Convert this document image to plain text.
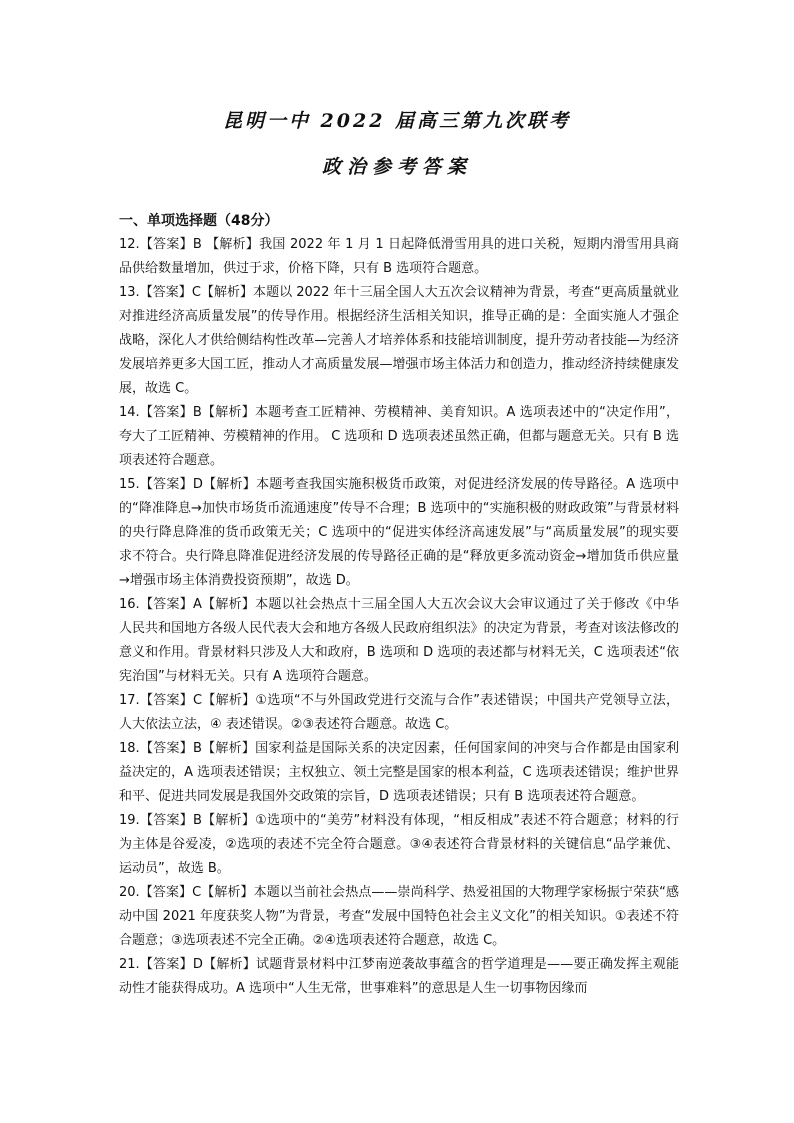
昆明一中 2022 届高三第九次联考
政治参考答案
一、单项选择题（48分）

12.【答案】B 【解析】我国 2022 年 1 月 1 日起降低滑雪用具的进口关税，短期内滑雪用具商品供给数量增加，供过于求，价格下降，只有 B 选项符合题意。

13.【答案】C【解析】本题以 2022 年十三届全国人大五次会议精神为背景，考查“更高质量就业对推进经济高质量发展”的传导作用。根据经济生活相关知识，推导正确的是：全面实施人才强企战略，深化人才供给侧结构性改革—完善人才培养体系和技能培训制度，提升劳动者技能—为经济发展培养更多大国工匠，推动人才高质量发展—增强市场主体活力和创造力，推动经济持续健康发展，故选 C。

14.【答案】B【解析】本题考查工匠精神、劳模精神、美育知识。A 选项表述中的“决定作用”，夸大了工匠精神、劳模精神的作用。 C 选项和 D 选项表述虽然正确，但都与题意无关。只有 B 选项表述符合题意。

15.【答案】D【解析】本题考查我国实施积极货币政策，对促进经济发展的传导路径。A 选项中的“降准降息→加快市场货币流通速度”传导不合理；B 选项中的“实施积极的财政政策”与背景材料的央行降息降准的货币政策无关；C 选项中的“促进实体经济高速发展”与“高质量发展”的现实要求不符合。央行降息降准促进经济发展的传导路径正确的是“释放更多流动资金→增加货币供应量→增强市场主体消费投资预期”，故选 D。

16.【答案】A【解析】本题以社会热点十三届全国人大五次会议大会审议通过了关于修改《中华人民共和国地方各级人民代表大会和地方各级人民政府组织法》的决定为背景，考查对该法修改的意义和作用。背景材料只涉及人大和政府，B 选项和 D 选项的表述都与材料无关，C 选项表述“依宪治国”与材料无关。只有 A 选项符合题意。

17.【答案】C【解析】①选项“不与外国政党进行交流与合作”表述错误；中国共产党领导立法，人大依法立法，④ 表述错误。②③表述符合题意。故选 C。

18.【答案】B【解析】国家利益是国际关系的决定因素，任何国家间的冲突与合作都是由国家利益决定的，A 选项表述错误；主权独立、领土完整是国家的根本利益，C 选项表述错误；维护世界和平、促进共同发展是我国外交政策的宗旨，D 选项表述错误；只有 B 选项表述符合题意。

19.【答案】B【解析】①选项中的“美劳”材料没有体现，“相反相成”表述不符合题意；材料的行为主体是谷爱凌，②选项的表述不完全符合题意。③④表述符合背景材料的关键信息“品学兼优、运动员”，故选 B。

20.【答案】C【解析】本题以当前社会热点——崇尚科学、热爱祖国的大物理学家杨振宁荣获“感动中国 2021 年度获奖人物”为背景，考查“发展中国特色社会主义文化”的相关知识。①表述不符合题意；③选项表述不完全正确。②④选项表述符合题意，故选 C。

21.【答案】D【解析】试题背景材料中江梦南逆袭故事蕴含的哲学道理是——要正确发挥主观能动性才能获得成功。A 选项中“人生无常，世事难料”的意思是人生一切事物因缘而
